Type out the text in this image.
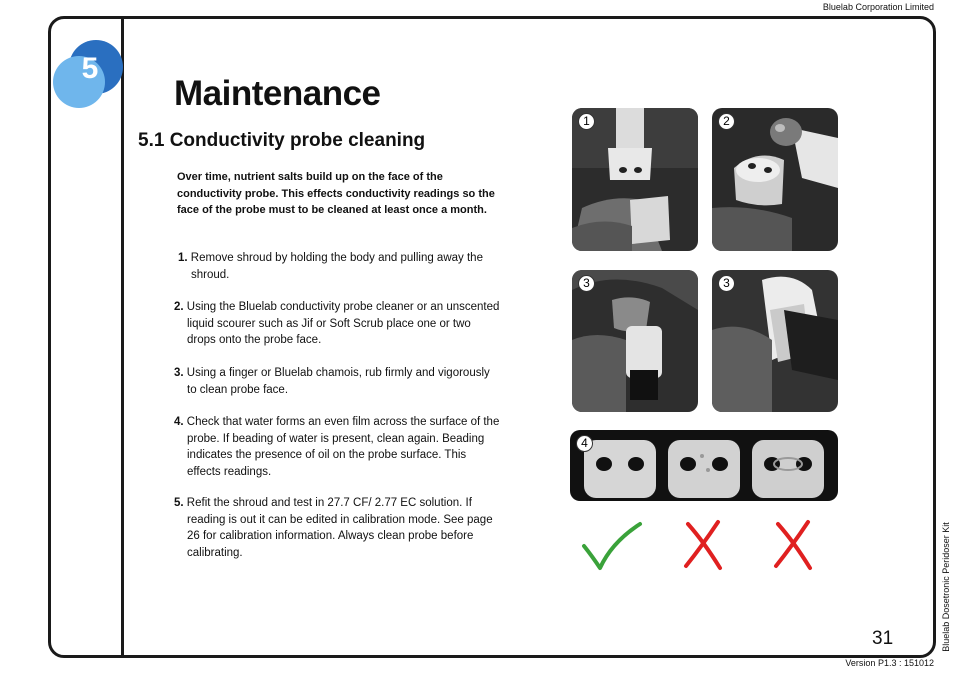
Bluelab Corporation Limited
5
Maintenance
5.1 Conductivity probe cleaning
Over time, nutrient salts build up on the face of the conductivity probe. This effects conductivity readings so the face of the probe must to be cleaned at least once a month.
1. Remove shroud by holding the body and pulling away the shroud.
2. Using the Bluelab conductivity probe cleaner or an unscented liquid scourer such as Jif or Soft Scrub place one or two drops onto the probe face.
3. Using a finger or Bluelab chamois, rub firmly and vigorously to clean probe face.
4. Check that water forms an even film across the surface of the probe. If beading of water is present, clean again. Beading indicates the presence of oil on the probe surface. This effects readings.
5. Refit the shroud and test in 27.7 CF/ 2.77 EC solution. If reading is out it can be edited in calibration mode. See page 26 for calibration information. Always clean probe before calibrating.
1	2
3	3
4
31
Version P1.3 : 151012
Bluelab Dosetronic Peridoser Kit
